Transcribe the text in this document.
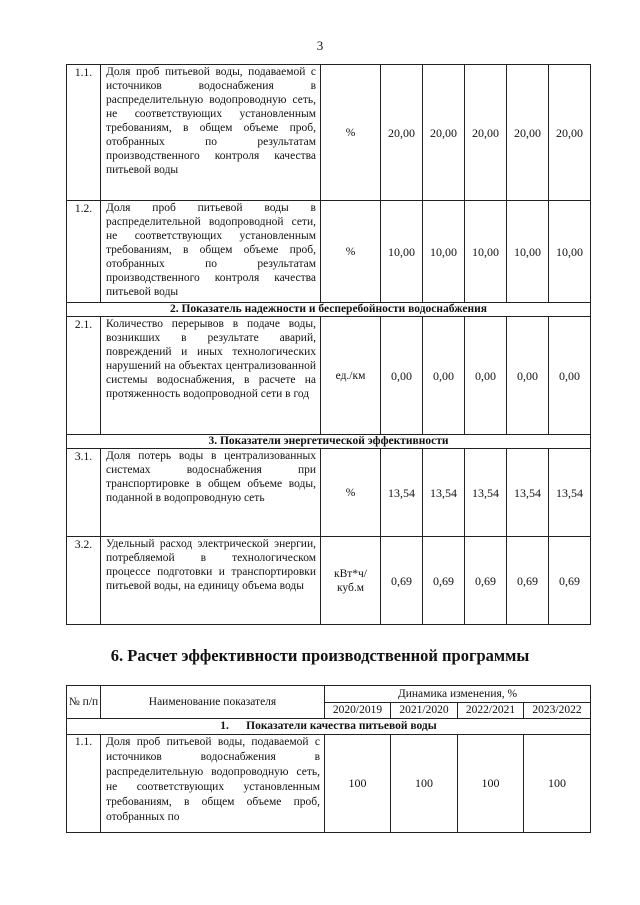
3
1.1.	Доля проб питьевой воды, подаваемой с источников водоснабжения в распределительную водопроводную сеть, не соответствующих установленным требованиям, в общем объеме проб, отобранных по результатам производственного контроля качества питьевой воды	%	20,00	20,00	20,00	20,00	20,00
1.2.	Доля проб питьевой воды в распределительной водопроводной сети, не соответствующих установленным требованиям, в общем объеме проб, отобранных по результатам производственного контроля качества питьевой воды	%	10,00	10,00	10,00	10,00	10,00
2. Показатель надежности и бесперебойности водоснабжения							
2.1.	Количество перерывов в подаче воды, возникших в результате аварий, повреждений и иных технологических нарушений на объектах централизованной системы водоснабжения, в расчете на протяженность водопроводной сети в год	ед./км	0,00	0,00	0,00	0,00	0,00
3. Показатели энергетической эффективности							
3.1.	Доля потерь воды в централизованных системах водоснабжения при транспортировке в общем объеме воды, поданной в водопроводную сеть	%	13,54	13,54	13,54	13,54	13,54
3.2.	Удельный расход электрической энергии, потребляемой в технологическом процессе подготовки и транспортировки питьевой воды, на единицу объема воды	кВт*ч/ куб.м	0,69	0,69	0,69	0,69	0,69
6. Расчет эффективности производственной программы
№ п/п	Наименование показателя	Динамика изменения, %			
		2020/2019	2021/2020	2022/2021	2023/2022
1. Показатели качества питьевой воды					
1.1.	Доля проб питьевой воды, подаваемой с источников водоснабжения в распределительную водопроводную сеть, не соответствующих установленным требованиям, в общем объеме проб, отобранных по	100	100	100	100
